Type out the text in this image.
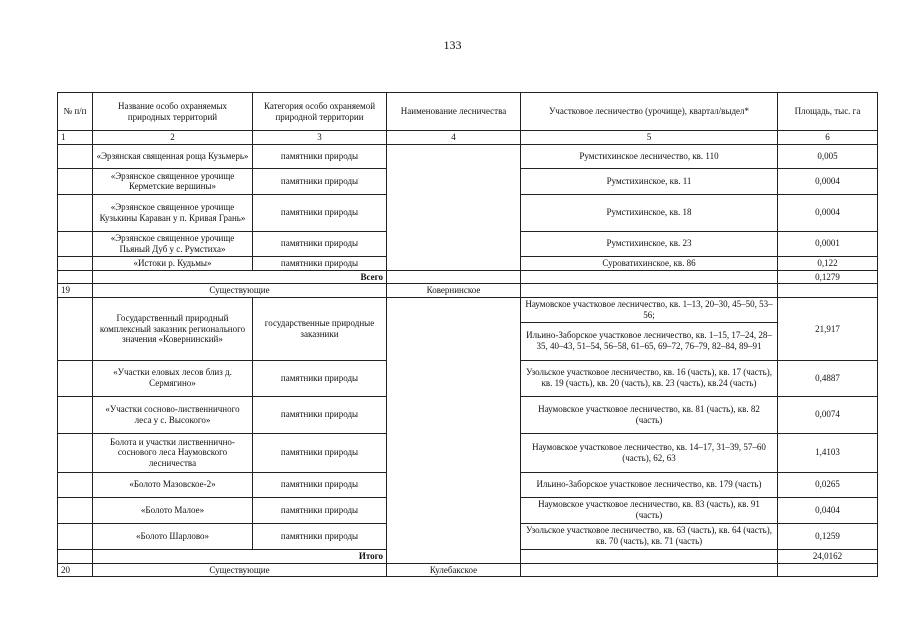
133
№ п/п	Название особо охраняемых природных территорий	Категория особо охраняемой природной территории	Наименование лесничества	Участковое лесничество (урочище), квартал/выдел*	Площадь, тыс. га
1	2	3	4	5	6
	«Эрзянская священная роща Кузьмерь»	памятники природы		Румстихинское лесничество, кв. 110	0,005
	«Эрзянское священное урочище Керметские вершины»	памятники природы		Румстихинское, кв. 11	0,0004
	«Эрзянское священное урочище Кузькины Караван у п. Кривая Грань»	памятники природы		Румстихинское, кв. 18	0,0004
	«Эрзянское священное урочище Пьяный Дуб у с. Румстиха»	памятники природы		Румстихинское, кв. 23	0,0001
	«Истоки р. Кудьмы»	памятники природы		Суроватихинское, кв. 86	0,122
	Всего				0,1279
19	Существующие		Ковернинское		
	Государственный природный комплексный заказник регионального значения «Ковернинский»	государственные природные заказники		Наумовское участковое лесничество, кв. 1–13, 20–30, 45–50, 53–56;	21,917
				Ильино-Заборское участковое лесничество, кв. 1–15, 17–24, 28–35, 40–43, 51–54, 56–58, 61–65, 69–72, 76–79, 82–84, 89–91	
	«Участки еловых лесов близ д. Сермягино»	памятники природы		Узольское участковое лесничество, кв. 16 (часть), кв. 17 (часть), кв. 19 (часть), кв. 20 (часть), кв. 23 (часть), кв.24 (часть)	0,4887
	«Участки сосново-лиственничного леса у с. Высокого»	памятники природы		Наумовское участковое лесничество, кв. 81 (часть), кв. 82 (часть)	0,0074
	Болота и участки лиственнично-соснового леса Наумовского лесничества	памятники природы		Наумовское участковое лесничество, кв. 14–17, 31–39, 57–60 (часть), 62, 63	1,4103
	«Болото Мазовское-2»	памятники природы		Ильино-Заборское участковое лесничество, кв. 179 (часть)	0,0265
	«Болото Малое»	памятники природы		Наумовское участковое лесничество, кв. 83 (часть), кв. 91 (часть)	0,0404
	«Болото Шарлово»	памятники природы		Узольское участковое лесничество, кв. 63 (часть), кв. 64 (часть), кв. 70 (часть), кв. 71 (часть)	0,1259
	Итого				24,0162
20	Существующие		Кулебакское		
